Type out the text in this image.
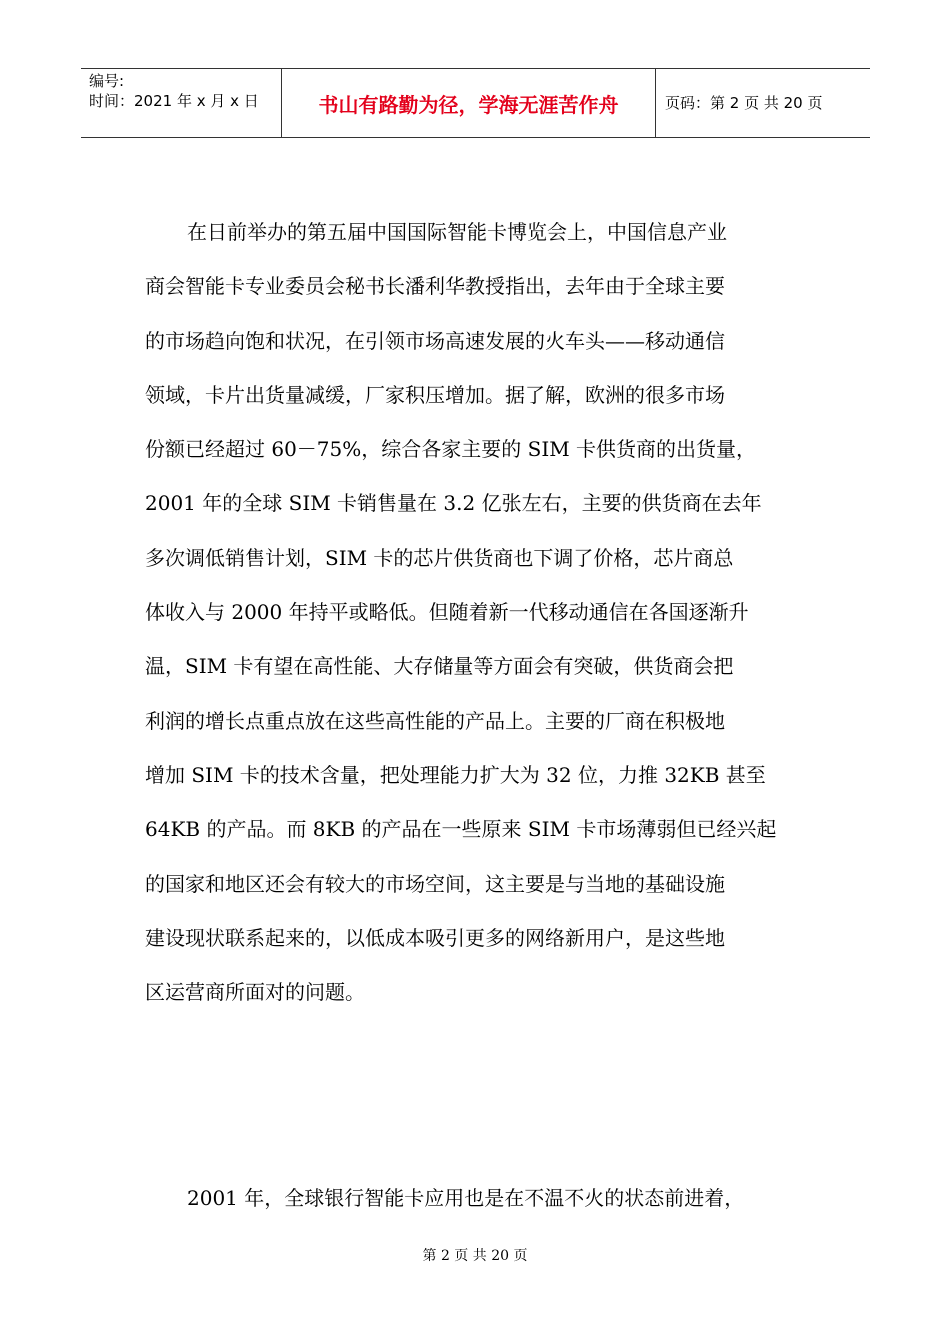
编号:
时间：2021 年 x 月 x 日	书山有路勤为径，学海无涯苦作舟	页码：第 2 页 共 20 页
在日前举办的第五届中国国际智能卡博览会上，中国信息产业
商会智能卡专业委员会秘书长潘利华教授指出，去年由于全球主要
的市场趋向饱和状况，在引领市场高速发展的火车头——移动通信
领域，卡片出货量减缓，厂家积压增加。据了解，欧洲的很多市场
份额已经超过 60－75%，综合各家主要的 SIM 卡供货商的出货量，
2001 年的全球 SIM 卡销售量在 3.2 亿张左右，主要的供货商在去年
多次调低销售计划，SIM 卡的芯片供货商也下调了价格，芯片商总
体收入与 2000 年持平或略低。但随着新一代移动通信在各国逐渐升
温，SIM 卡有望在高性能、大存储量等方面会有突破，供货商会把
利润的增长点重点放在这些高性能的产品上。主要的厂商在积极地
增加 SIM 卡的技术含量，把处理能力扩大为 32 位，力推 32KB 甚至
64KB 的产品。而 8KB 的产品在一些原来 SIM 卡市场薄弱但已经兴起
的国家和地区还会有较大的市场空间，这主要是与当地的基础设施
建设现状联系起来的，以低成本吸引更多的网络新用户，是这些地
区运营商所面对的问题。
2001 年，全球银行智能卡应用也是在不温不火的状态前进着，
第 2 页 共 20 页
